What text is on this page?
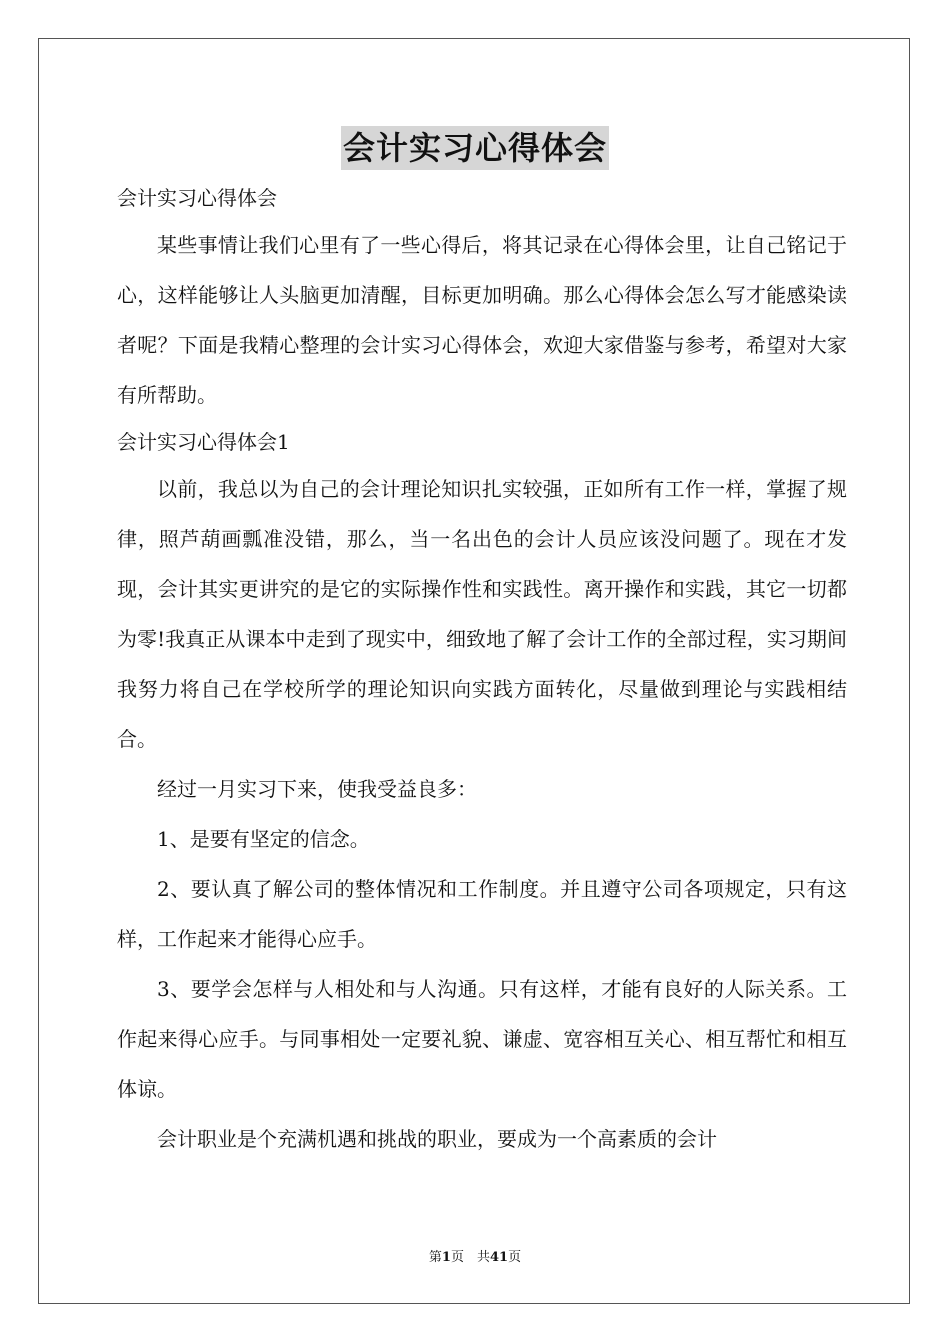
会计实习心得体会

会计实习心得体会

某些事情让我们心里有了一些心得后，将其记录在心得体会里，让自己铭记于心，这样能够让人头脑更加清醒，目标更加明确。那么心得体会怎么写才能感染读者呢？下面是我精心整理的会计实习心得体会，欢迎大家借鉴与参考，希望对大家有所帮助。

会计实习心得体会1

以前，我总以为自己的会计理论知识扎实较强，正如所有工作一样，掌握了规律，照芦葫画瓢准没错，那么，当一名出色的会计人员应该没问题了。现在才发现，会计其实更讲究的是它的实际操作性和实践性。离开操作和实践，其它一切都为零!我真正从课本中走到了现实中，细致地了解了会计工作的全部过程，实习期间我努力将自己在学校所学的理论知识向实践方面转化，尽量做到理论与实践相结合。

经过一月实习下来，使我受益良多：

1、是要有坚定的信念。

2、要认真了解公司的整体情况和工作制度。并且遵守公司各项规定，只有这样，工作起来才能得心应手。

3、要学会怎样与人相处和与人沟通。只有这样，才能有良好的人际关系。工作起来得心应手。与同事相处一定要礼貌、谦虚、宽容相互关心、相互帮忙和相互体谅。

会计职业是个充满机遇和挑战的职业，要成为一个高素质的会计

第1页　共41页
